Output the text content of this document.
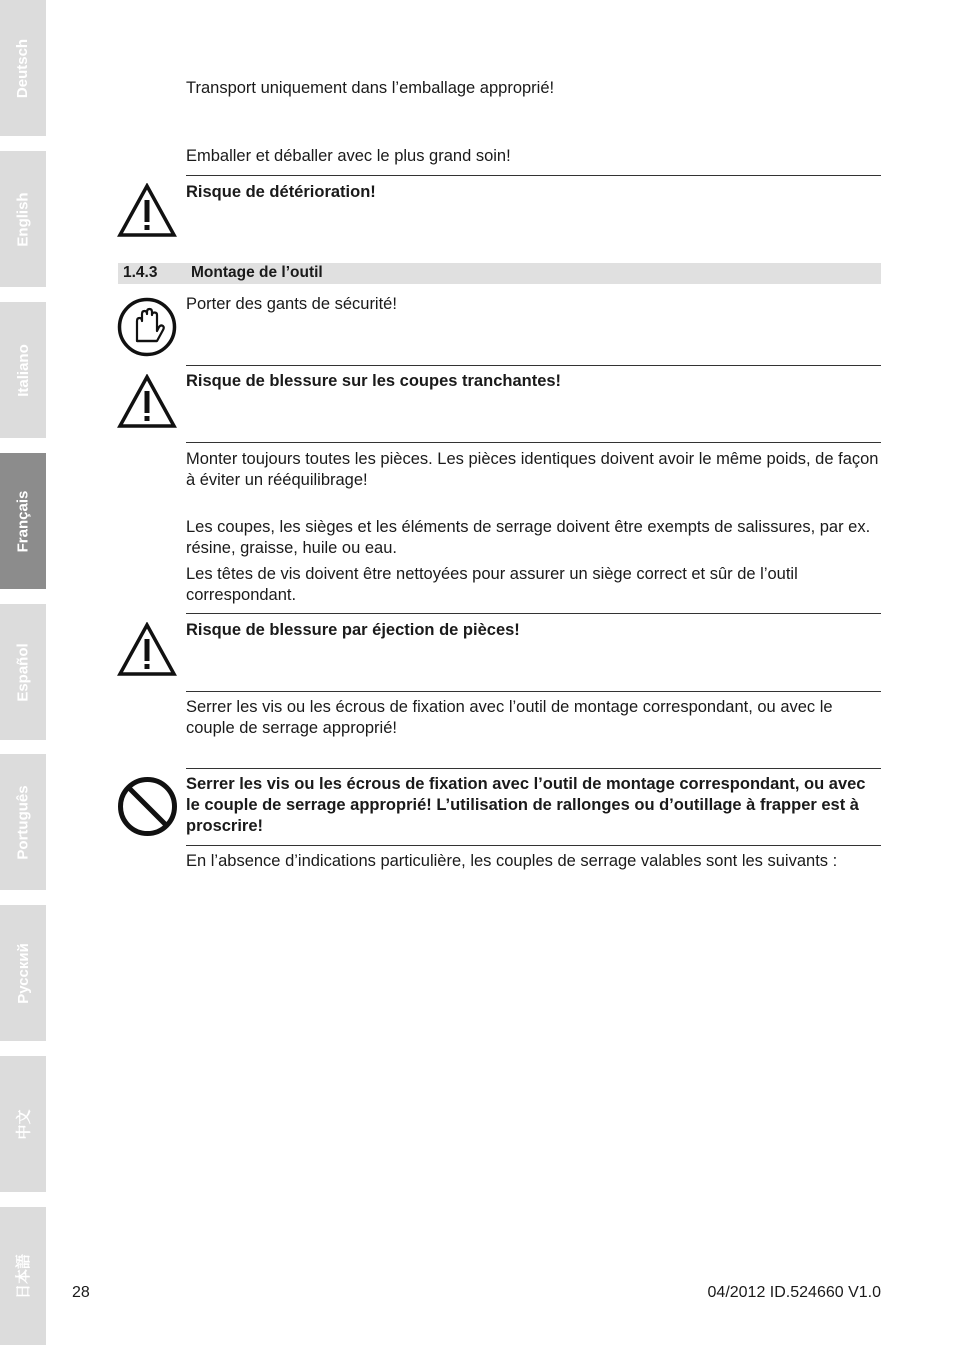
Deutsch
English
Italiano
Français
Español
Português
Русский
中文
日本語
Transport uniquement dans l’emballage approprié!
Emballer et déballer avec le plus grand soin!
Risque de détérioration!
1.4.3 Montage de l’outil
Porter des gants de sécurité!
Risque de blessure sur les coupes tranchantes!
Monter toujours toutes les pièces. Les pièces identiques doivent avoir le même poids, de façon à éviter un rééquilibrage!
Les coupes, les sièges et les éléments de serrage doivent être exempts de salissures, par ex. résine, graisse, huile ou eau.
Les têtes de vis doivent être nettoyées pour assurer un siège correct et sûr de l’outil correspondant.
Risque de blessure par éjection de pièces!
Serrer les vis ou les écrous de fixation avec l’outil de montage correspondant, ou avec le couple de serrage approprié!
Serrer les vis ou les écrous de fixation avec l’outil de montage correspondant, ou avec le couple de serrage approprié! L’utilisation de rallonges ou d’outillage à frapper est à proscrire!
En l’absence d’indications particulière, les couples de serrage valables sont les suivants :
28	04/2012 ID.524660 V1.0
